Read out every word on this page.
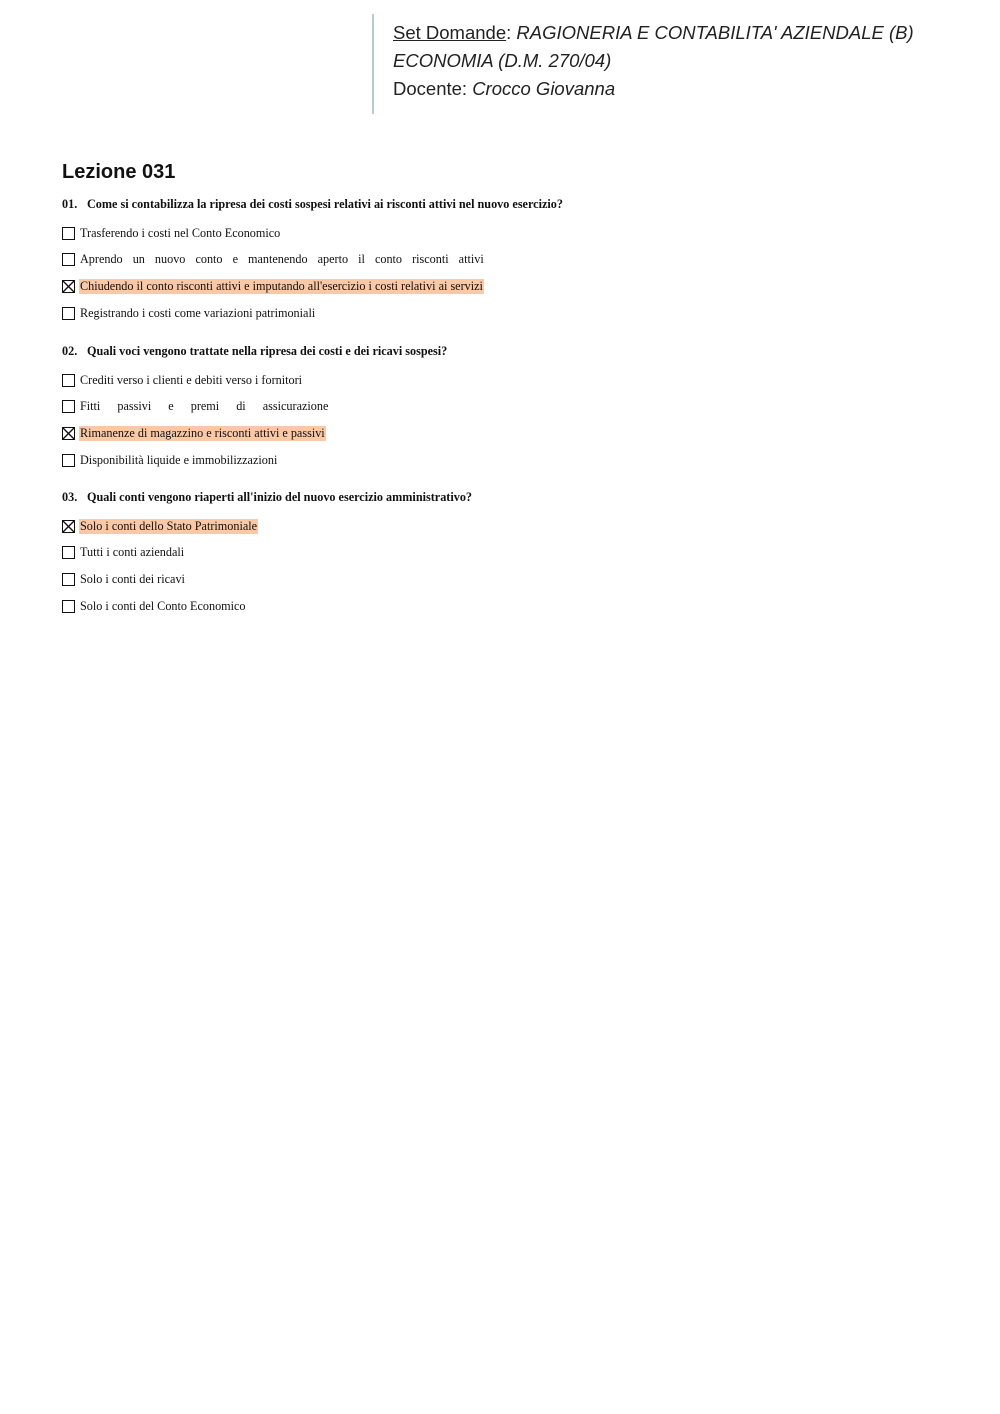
Set Domande: RAGIONERIA E CONTABILITA' AZIENDALE (B)
ECONOMIA (D.M. 270/04)
Docente: Crocco Giovanna
Lezione 031
01. Come si contabilizza la ripresa dei costi sospesi relativi ai risconti attivi nel nuovo esercizio?
Trasferendo i costi nel Conto Economico
Aprendo un nuovo conto e mantenendo aperto il conto risconti attivi
Chiudendo il conto risconti attivi e imputando all'esercizio i costi relativi ai servizi
Registrando i costi come variazioni patrimoniali
02. Quali voci vengono trattate nella ripresa dei costi e dei ricavi sospesi?
Crediti verso i clienti e debiti verso i fornitori
Fitti passivi e premi di assicurazione
Rimanenze di magazzino e risconti attivi e passivi
Disponibilità liquide e immobilizzazioni
03. Quali conti vengono riaperti all'inizio del nuovo esercizio amministrativo?
Solo i conti dello Stato Patrimoniale
Tutti i conti aziendali
Solo i conti dei ricavi
Solo i conti del Conto Economico
